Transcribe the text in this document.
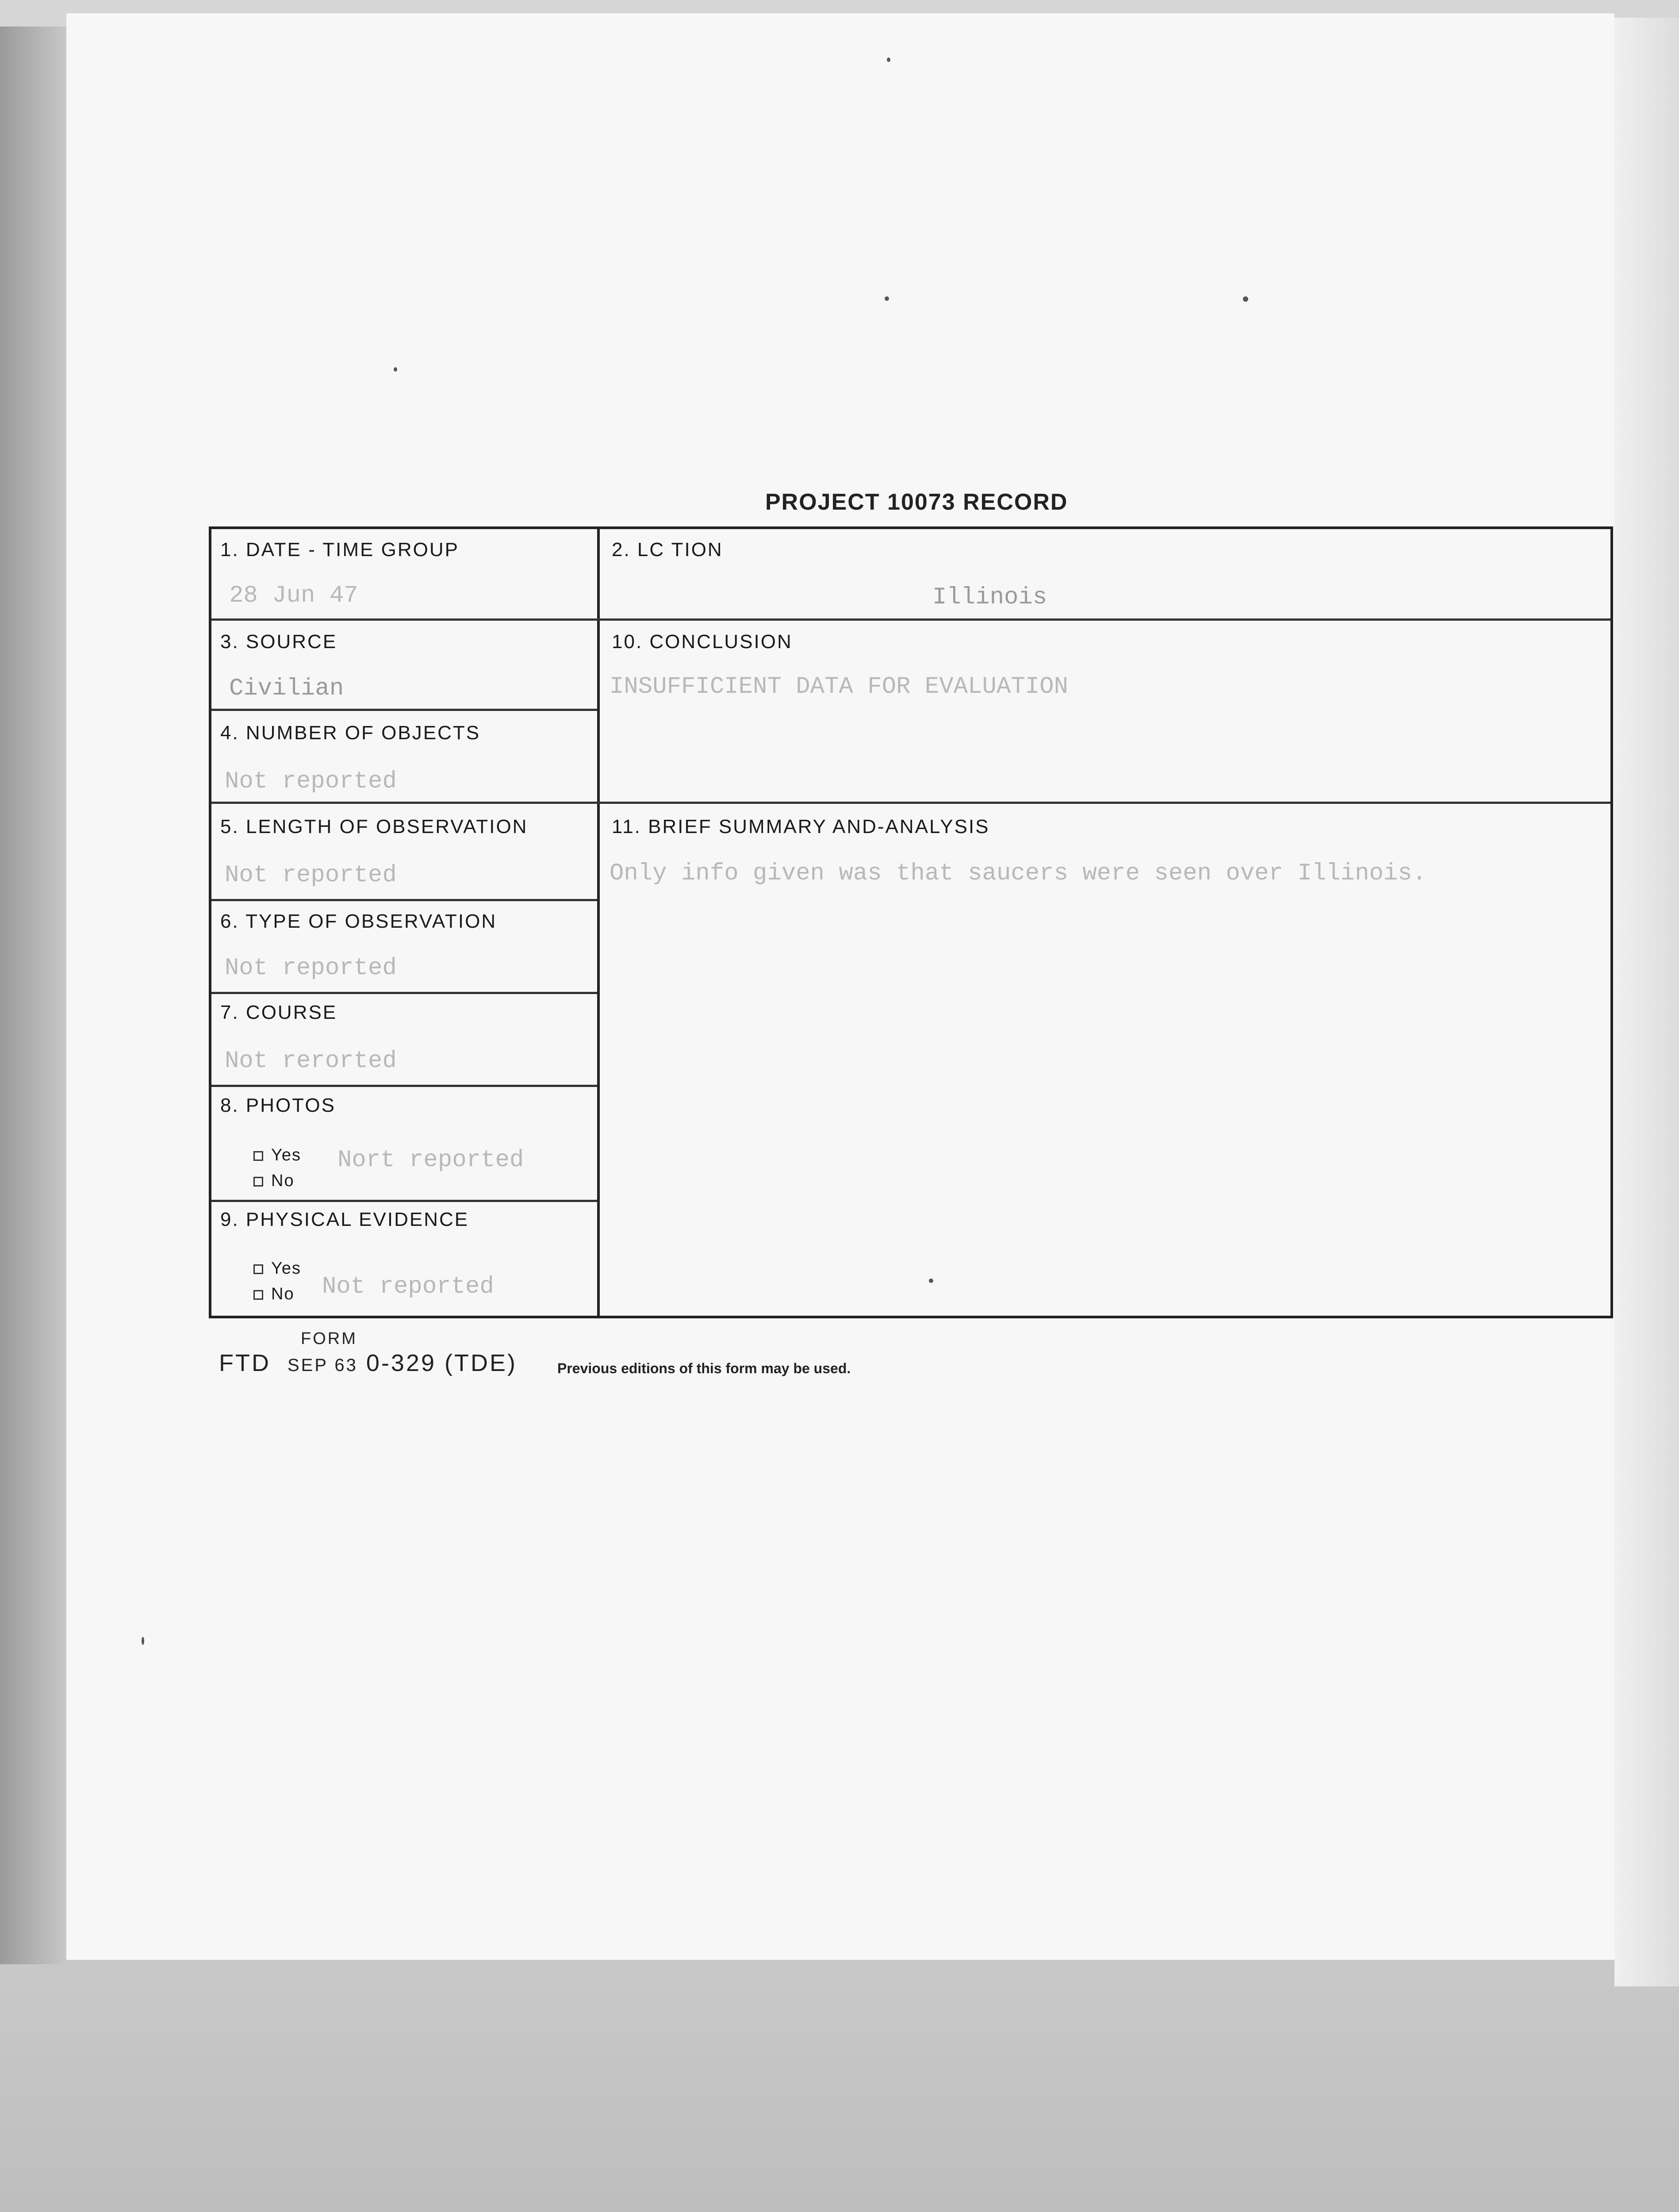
PROJECT 10073 RECORD
1. DATE - TIME GROUP
28 Jun 47
2. LC TION
Illinois
3. SOURCE
Civilian
10. CONCLUSION
INSUFFICIENT DATA FOR EVALUATION
4. NUMBER OF OBJECTS
Not reported
5. LENGTH OF OBSERVATION
Not reported
11. BRIEF SUMMARY AND-ANALYSIS
Only info given was that saucers were seen over Illinois.
6. TYPE OF OBSERVATION
Not reported
7. COURSE
Not rerorted
8. PHOTOS
Yes
No
Nort reported
9. PHYSICAL EVIDENCE
Yes
No Not reported
FORM
FTD SEP 63 0-329 (TDE)	Previous editions of this form may be used.
